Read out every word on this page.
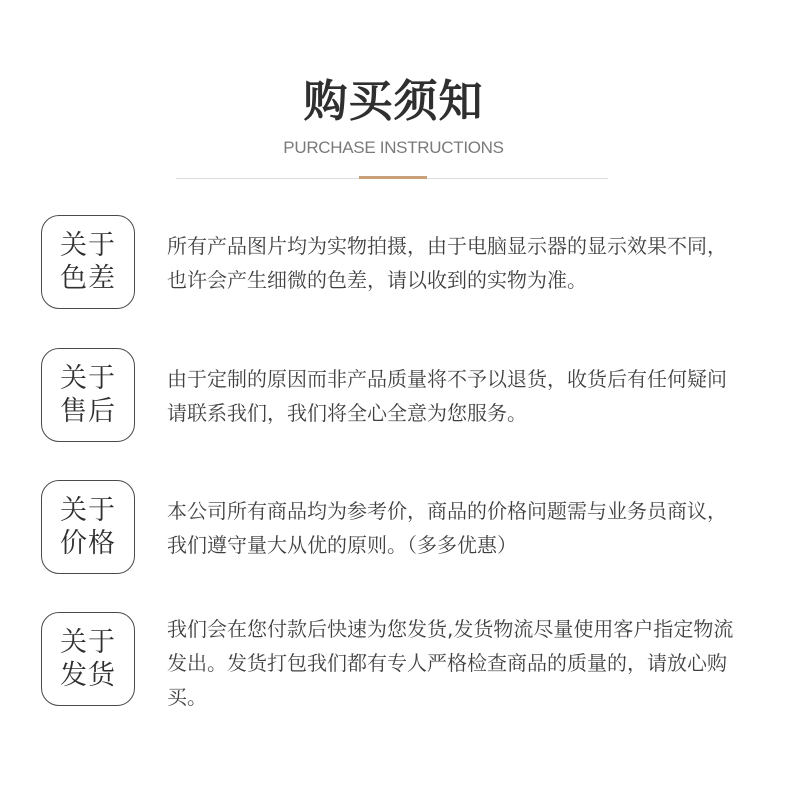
购买须知
PURCHASE INSTRUCTIONS
关于
色差
所有产品图片均为实物拍摄，由于电脑显示器的显示效果不同，也许会产生细微的色差，请以收到的实物为准。
关于
售后
由于定制的原因而非产品质量将不予以退货，收货后有任何疑问请联系我们，我们将全心全意为您服务。
关于
价格
本公司所有商品均为参考价，商品的价格问题需与业务员商议，我们遵守量大从优的原则。（多多优惠）
关于
发货
我们会在您付款后快速为您发货,发货物流尽量使用客户指定物流发出。发货打包我们都有专人严格检查商品的质量的，请放心购买。
